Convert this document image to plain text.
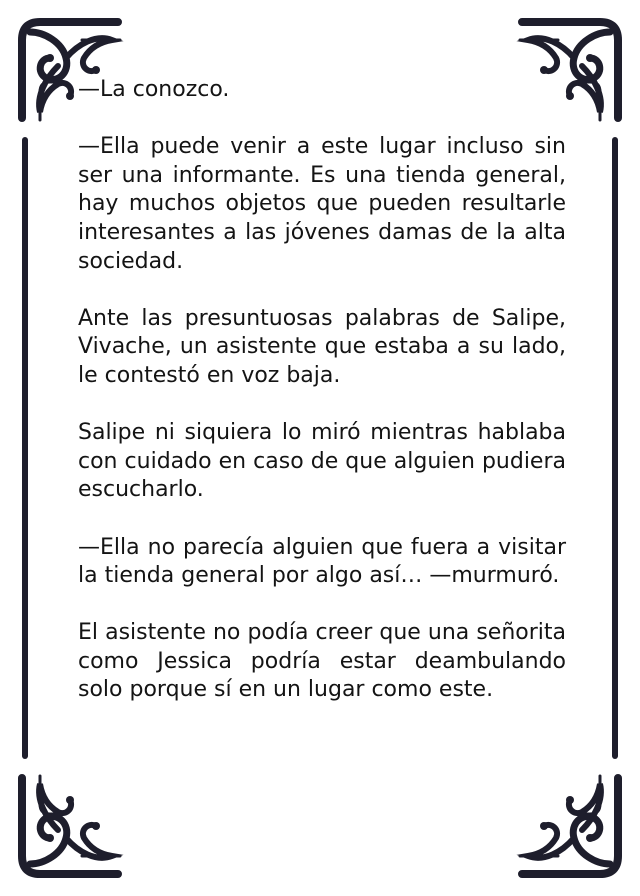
—La conozco.

—Ella puede venir a este lugar incluso sin ser una informante. Es una tienda general, hay muchos objetos que pueden resultarle interesantes a las jóvenes damas de la alta sociedad.

Ante las presuntuosas palabras de Salipe, Vivache, un asistente que estaba a su lado, le contestó en voz baja.

Salipe ni siquiera lo miró mientras hablaba con cuidado en caso de que alguien pudiera escucharlo.

—Ella no parecía alguien que fuera a visitar la tienda general por algo así… —murmuró.

El asistente no podía creer que una señorita como Jessica podría estar deambulando solo porque sí en un lugar como este.
